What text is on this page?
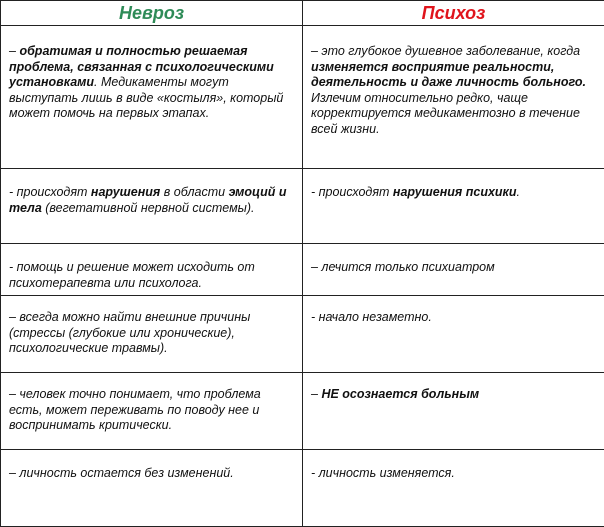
Невроз	Психоз

– обратимая и полностью решаемая проблема, связанная с психологическими установками. Медикаменты могут выступать лишь в виде «костыля», который может помочь на первых этапах.	– это глубокое душевное заболевание, когда изменяется восприятие реальности, деятельность и даже личность больного. Излечим относительно редко, чаще корректируется медикаментозно в течение всей жизни.

- происходят нарушения в области эмоций и тела (вегетативной нервной системы).	- происходят нарушения психики.

- помощь и решение может исходить от психотерапевта или психолога.	– лечится только психиатром

– всегда можно найти внешние причины (стрессы (глубокие или хронические), психологические травмы).	- начало незаметно.

– человек точно понимает, что проблема есть, может переживать по поводу нее и воспринимать критически.	– НЕ осознается больным

– личность остается без изменений.	- личность изменяется.
